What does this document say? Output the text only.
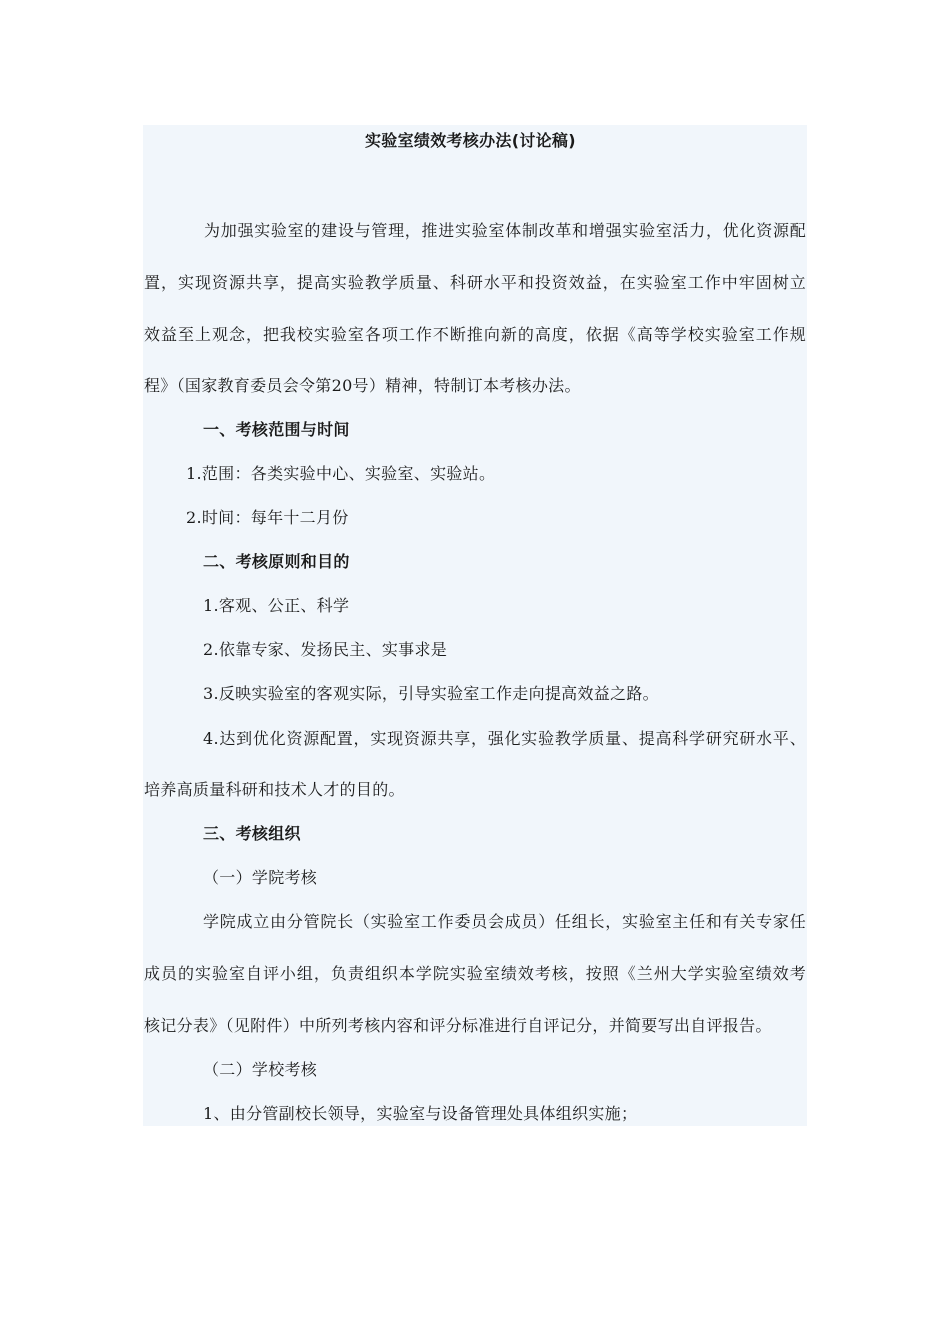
实验室绩效考核办法(讨论稿)
为加强实验室的建设与管理，推进实验室体制改革和增强实验室活力，优化资源配
置，实现资源共享，提高实验教学质量、科研水平和投资效益，在实验室工作中牢固树立
效益至上观念，把我校实验室各项工作不断推向新的高度，依据《高等学校实验室工作规
程》（国家教育委员会令第20号）精神，特制订本考核办法。
一、考核范围与时间
1.范围：各类实验中心、实验室、实验站。
2.时间：每年十二月份
二、考核原则和目的
1.客观、公正、科学
2.依靠专家、发扬民主、实事求是
3.反映实验室的客观实际，引导实验室工作走向提高效益之路。
4.达到优化资源配置，实现资源共享，强化实验教学质量、提高科学研究研水平、
培养高质量科研和技术人才的目的。
三、考核组织
（一）学院考核
学院成立由分管院长（实验室工作委员会成员）任组长，实验室主任和有关专家任
成员的实验室自评小组，负责组织本学院实验室绩效考核，按照《兰州大学实验室绩效考
核记分表》（见附件）中所列考核内容和评分标准进行自评记分，并简要写出自评报告。
（二）学校考核
1、由分管副校长领导，实验室与设备管理处具体组织实施；
